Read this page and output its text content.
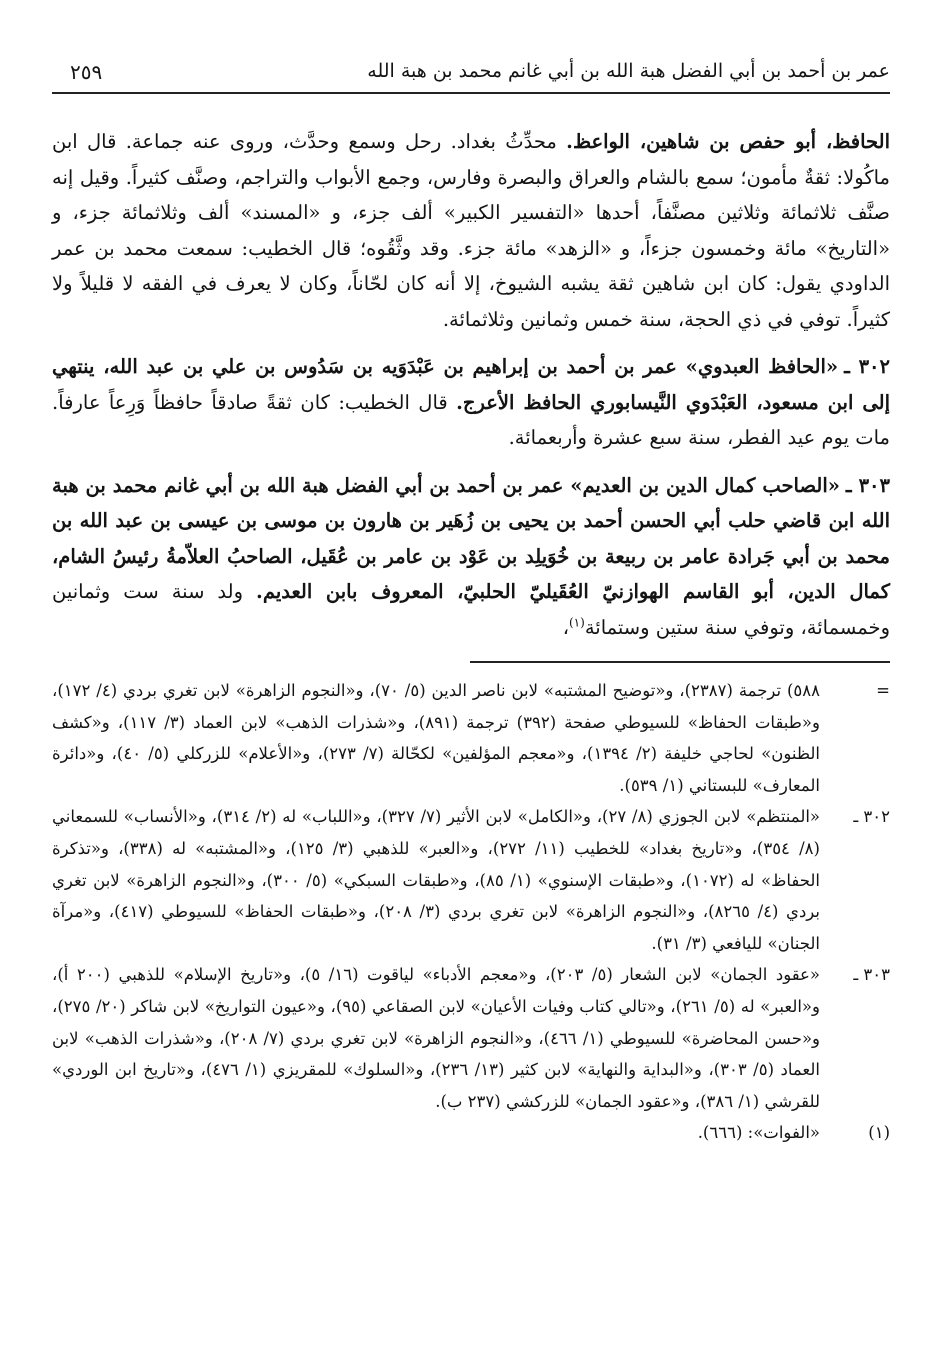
عمر بن أحمد بن أبي الفضل هبة الله بن أبي غانم محمد بن هبة الله
٢٥٩

الحافظ، أبو حفص بن شاهين، الواعظ. محدِّثُ بغداد. رحل وسمع وحدَّث، وروى عنه جماعة. قال ابن ماكُولا: ثقةٌ مأمون؛ سمع بالشام والعراق والبصرة وفارس، وجمع الأبواب والتراجم، وصنَّف كثيراً. وقيل إنه صنَّف ثلاثمائة وثلاثين مصنَّفاً، أحدها «التفسير الكبير» ألف جزء، و «المسند» ألف وثلاثمائة جزء، و «التاريخ» مائة وخمسون جزءاً، و «الزهد» مائة جزء. وقد وثَّقُوه؛ قال الخطيب: سمعت محمد بن عمر الداودي يقول: كان ابن شاهين ثقة يشبه الشيوخ، إلا أنه كان لحّاناً، وكان لا يعرف في الفقه لا قليلاً ولا كثيراً. توفي في ذي الحجة، سنة خمس وثمانين وثلاثمائة.

٣٠٢ ـ«الحافظ العبدوي» عمر بن أحمد بن إبراهيم بن عَبْدَوَيه بن سَدُوس بن علي بن عبد الله، ينتهي إلى ابن مسعود، العَبْدَوي النَّيسابوري الحافظ الأعرج. قال الخطيب: كان ثقةً صادقاً حافظاً وَرِعاً عارفاً. مات يوم عيد الفطر، سنة سبع عشرة وأربعمائة.

٣٠٣ ـ«الصاحب كمال الدين بن العديم» عمر بن أحمد بن أبي الفضل هبة الله بن أبي غانم محمد بن هبة الله ابن قاضي حلب أبي الحسن أحمد بن يحيى بن زُهَير بن هارون بن موسى بن عيسى بن عبد الله بن محمد بن أبي جَرادة عامر بن ربيعة بن خُوَيلِد بن عَوْد بن عامر بن عُقَيل، الصاحبُ العلاّمةُ رئيسُ الشام، كمال الدين، أبو القاسم الهوازنيّ العُقَيليّ الحلبيّ، المعروف بابن العديم. ولد سنة ست وثمانين وخمسمائة، وتوفي سنة ستين وستمائة$^{(١)}$،

=
٥٨٨) ترجمة (٢٣٨٧)، و«توضيح المشتبه» لابن ناصر الدين (٥/ ٧٠)، و«النجوم الزاهرة» لابن تغري بردي (٤/ ١٧٢)، و«طبقات الحفاظ» للسيوطي صفحة (٣٩٢) ترجمة (٨٩١)، و«شذرات الذهب» لابن العماد (٣/ ١١٧)، و«كشف الظنون» لحاجي خليفة (٢/ ١٣٩٤)، و«معجم المؤلفين» لكحّالة (٧/ ٢٧٣)، و«الأعلام» للزركلي (٥/ ٤٠)، و«دائرة المعارف» للبستاني (١/ ٥٣٩).
٣٠٢ ـ
«المنتظم» لابن الجوزي (٨/ ٢٧)، و«الكامل» لابن الأثير (٧/ ٣٢٧)، و«اللباب» له (٢/ ٣١٤)، و«الأنساب» للسمعاني (٨/ ٣٥٤)، و«تاريخ بغداد» للخطيب (١١/ ٢٧٢)، و«العبر» للذهبي (٣/ ١٢٥)، و«المشتبه» له (٣٣٨)، و«تذكرة الحفاظ» له (١٠٧٢)، و«طبقات الإسنوي» (١/ ٨٥)، و«طبقات السبكي» (٥/ ٣٠٠)، و«النجوم الزاهرة» لابن تغري بردي (٤/ ٨٢٦٥)، و«النجوم الزاهرة» لابن تغري بردي (٣/ ٢٠٨)، و«طبقات الحفاظ» للسيوطي (٤١٧)، و«مرآة الجنان» لليافعي (٣/ ٣١).
٣٠٣ ـ
«عقود الجمان» لابن الشعار (٥/ ٢٠٣)، و«معجم الأدباء» لياقوت (١٦/ ٥)، و«تاريخ الإسلام» للذهبي (٢٠٠ أ)، و«العبر» له (٥/ ٢٦١)، و«تالي كتاب وفيات الأعيان» لابن الصقاعي (٩٥)، و«عيون التواريخ» لابن شاكر (٢٠/ ٢٧٥)، و«حسن المحاضرة» للسيوطي (١/ ٤٦٦)، و«النجوم الزاهرة» لابن تغري بردي (٧/ ٢٠٨)، و«شذرات الذهب» لابن العماد (٥/ ٣٠٣)، و«البداية والنهاية» لابن كثير (١٣/ ٢٣٦)، و«السلوك» للمقريزي (١/ ٤٧٦)، و«تاريخ ابن الوردي» للقرشي (١/ ٣٨٦)، و«عقود الجمان» للزركشي (٢٣٧ ب).
(١)
«الفوات»: (٦٦٦).
